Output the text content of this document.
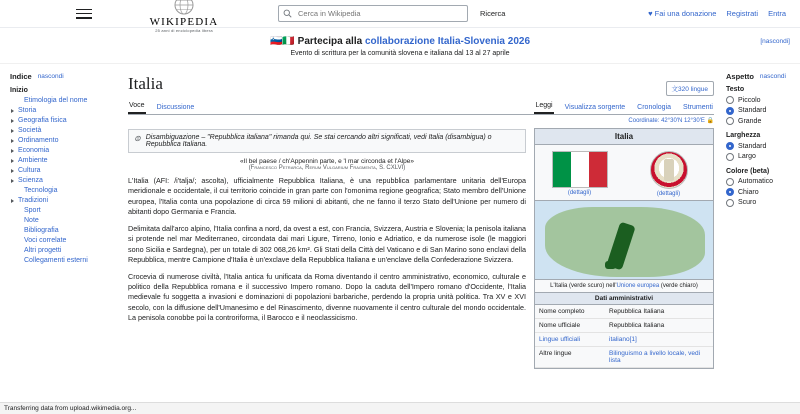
WIKIPEDIA
25 anni di enciclopedia libera
Cerca in Wikipedia
Ricerca	♥ Fai una donazione Registrati Entra
🇸🇮🇮🇹 Partecipa alla collaborazione Italia-Slovenia 2026
Evento di scrittura per la comunità slovena e italiana dal 13 al 27 aprile
[nascondi]
Indice nascondi
Inizio
Etimologia del nome
Storia
Geografia fisica
Società
Ordinamento
Economia
Ambiente
Cultura
Scienza
Tecnologia
Tradizioni
Sport
Note
Bibliografia
Voci correlate
Altri progetti
Collegamenti esterni
Italia	文320 lingue
Voce Discussione	Leggi Visualizza sorgente Cronologia Strumenti
Coordinate: 42°30′N 12°30′E 🔒
Italia
(dettagli)	(dettagli)
L'Italia (verde scuro) nell'Unione europea (verde chiaro)
Dati amministrativi
Nome completo	Repubblica Italiana
Nome ufficiale	Repubblica Italiana
Lingue ufficiali	italiano[1]
Altre lingue	Bilinguismo a livello locale, vedi lista
⊜ Disambiguazione – "Repubblica italiana" rimanda qui. Se stai cercando altri significati, vedi Italia (disambigua) o Repubblica Italiana.
«Il bel paese / ch'Appennin parte, e 'l mar circonda et l'Alpe»
(Francesco Petrarca, Rerum Vulgarium Fragmenta, S. CXLVI)

L'Italia (AFI: /i'talja/; ascolta), ufficialmente Repubblica Italiana, è una repubblica parlamentare unitaria dell'Europa meridionale e occidentale, il cui territorio coincide in gran parte con l'omonima regione geografica; Stato membro dell'Unione europea, l'Italia conta una popolazione di circa 59 milioni di abitanti, che ne fanno il terzo Stato dell'Unione per numero di abitanti dopo Germania e Francia.

Delimitata dall'arco alpino, l'Italia confina a nord, da ovest a est, con Francia, Svizzera, Austria e Slovenia; la penisola italiana si protende nel mar Mediterraneo, circondata dai mari Ligure, Tirreno, Ionio e Adriatico, e da numerose isole (le maggiori sono Sicilia e Sardegna), per un totale di 302 068,26 km². Gli Stati della Città del Vaticano e di San Marino sono enclavi della Repubblica, mentre Campione d'Italia è un'exclave della Repubblica Italiana e un'enclave della Confederazione Svizzera.

Crocevia di numerose civiltà, l'Italia antica fu unificata da Roma diventando il centro amministrativo, economico, culturale e politico della Repubblica romana e il successivo Impero romano. Dopo la caduta dell'Impero romano d'Occidente, l'Italia medievale fu soggetta a invasioni e dominazioni di popolazioni barbariche, perdendo la propria unità politica. Tra XV e XVI secolo, con la diffusione dell'Umanesimo e del Rinascimento, divenne nuovamente il centro culturale del mondo occidentale. La penisola conobbe poi la controriforma, il Barocco e il neoclassicismo.

Aspetto nascondi
Testo
Piccolo
Standard
Grande
Larghezza
Standard
Largo
Colore (beta)
Automatico
Chiaro
Scuro
Transferring data from upload.wikimedia.org...
